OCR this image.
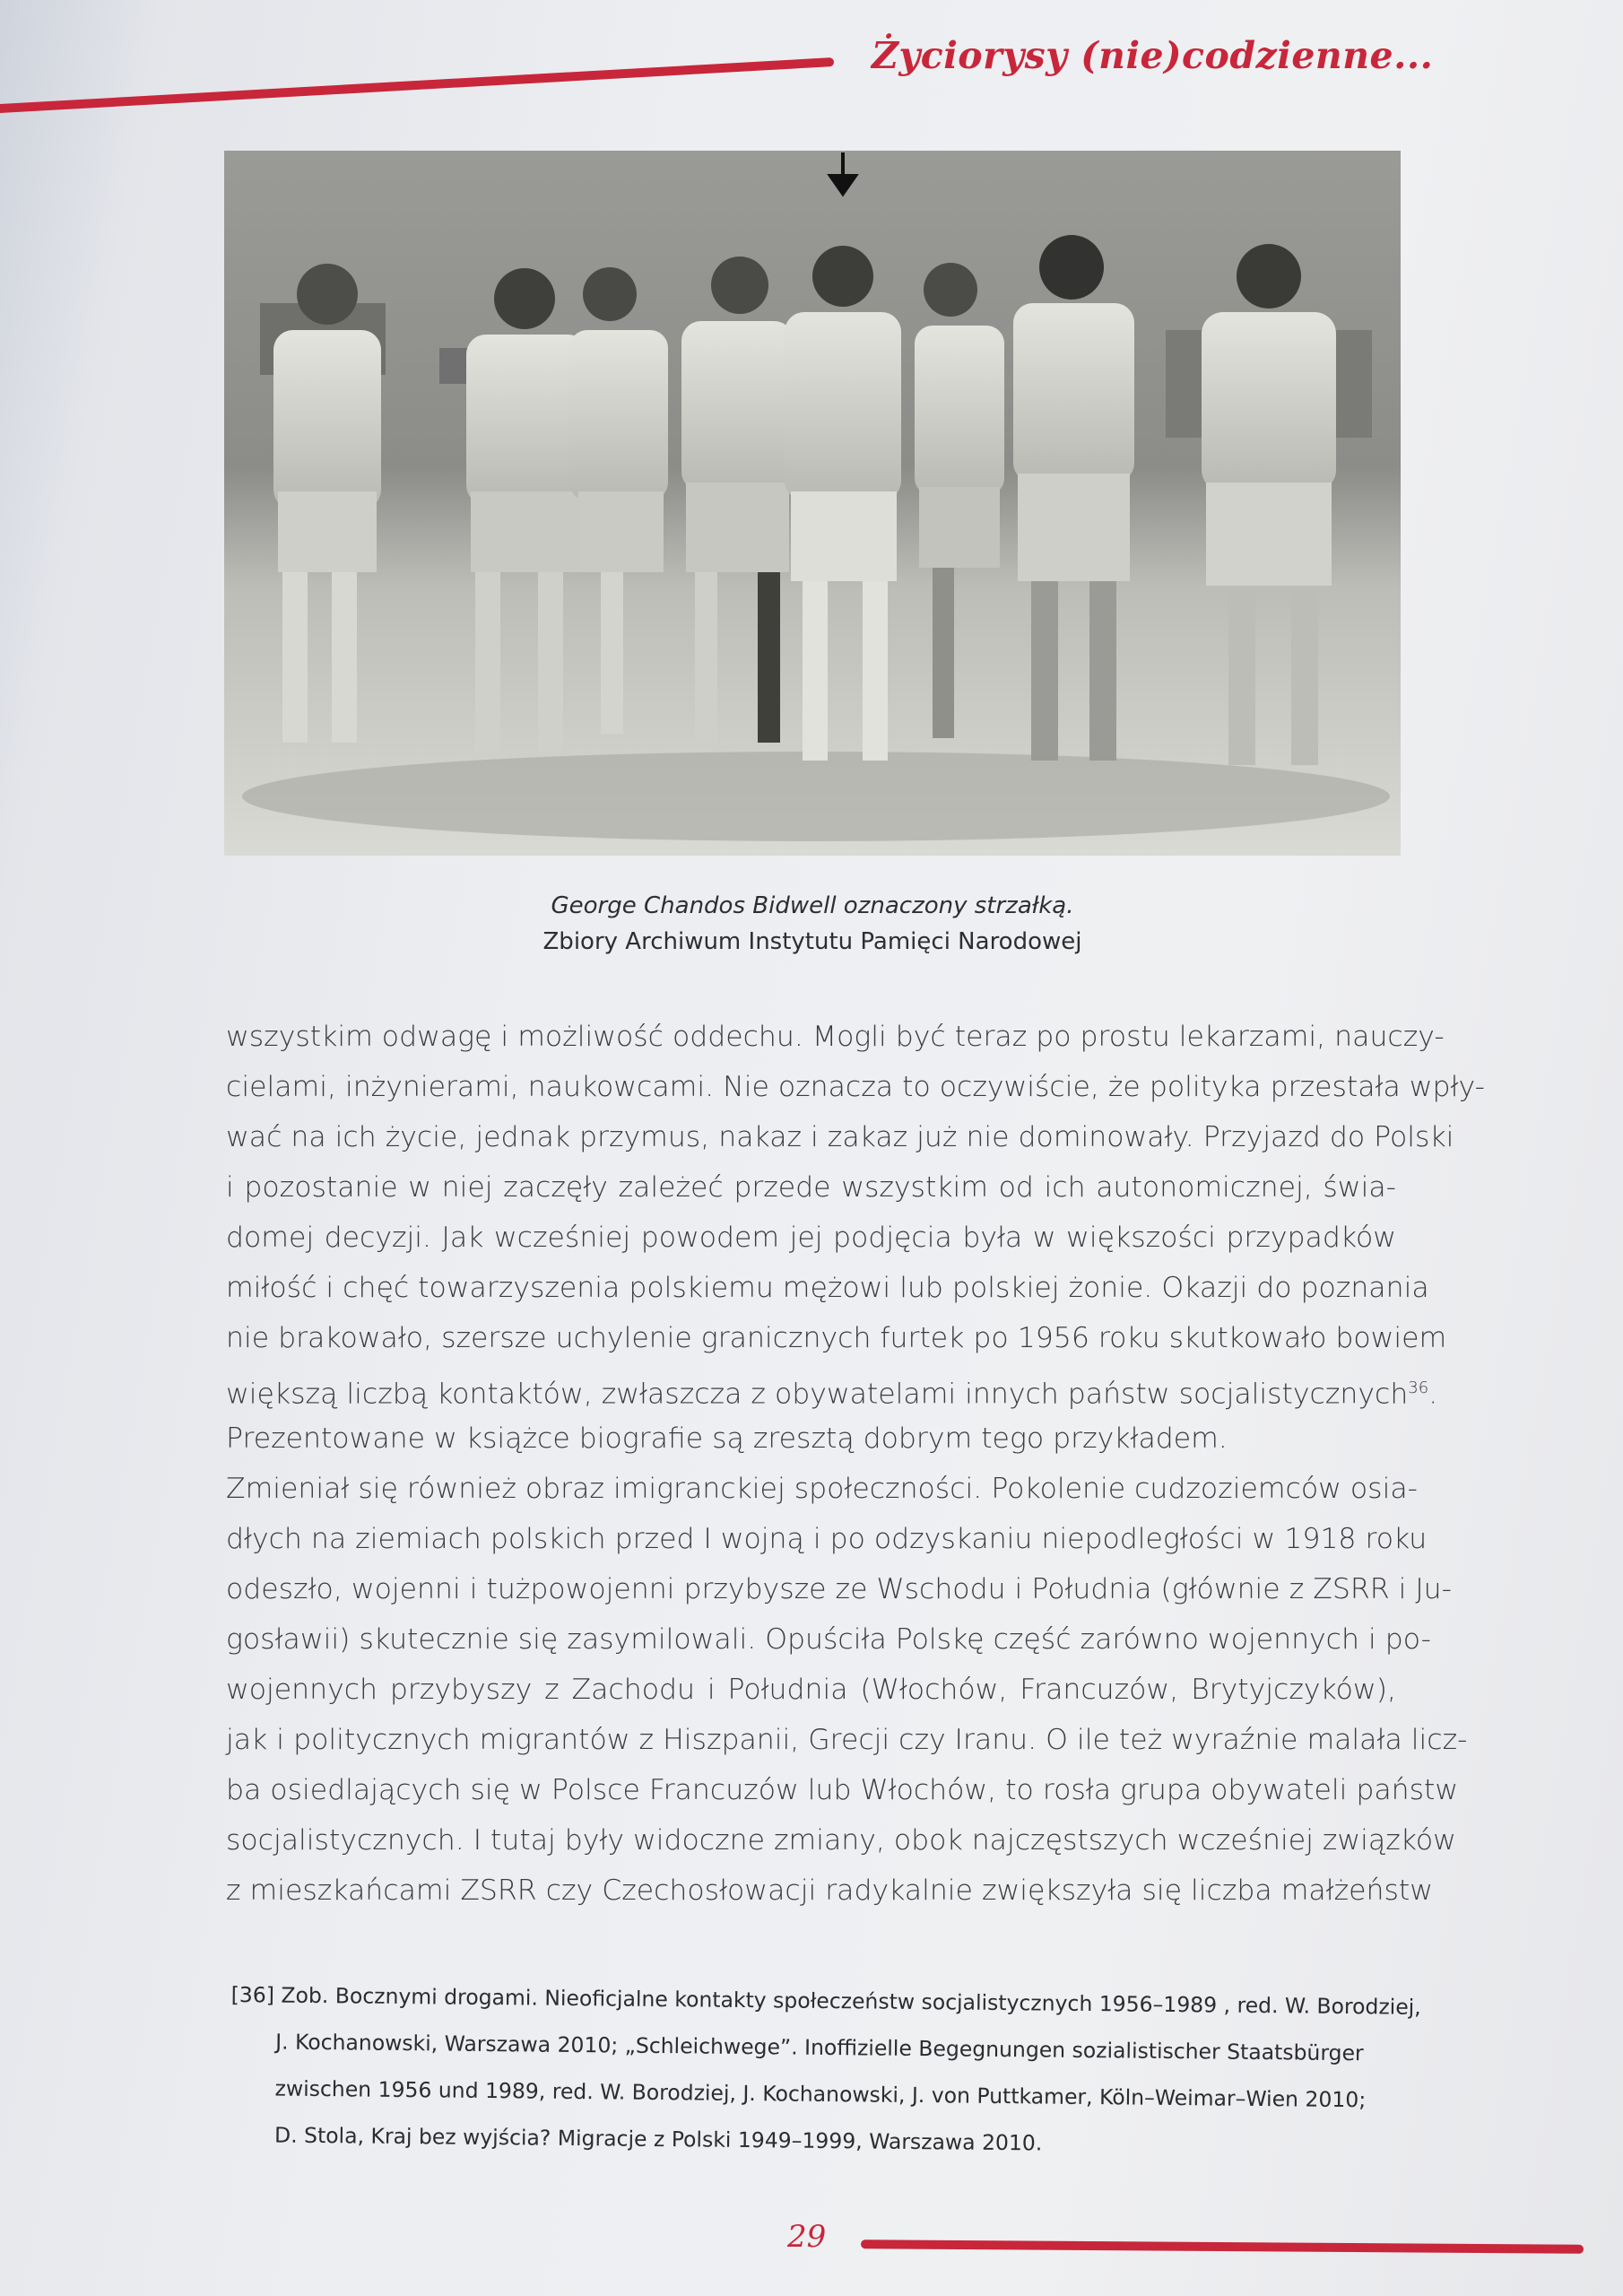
Życiorysy (nie)codzienne...
George Chandos Bidwell oznaczony strzałką.
Zbiory Archiwum Instytutu Pamięci Narodowej
wszystkim odwagę i możliwość oddechu. Mogli być teraz po prostu lekarzami, nauczy-
cielami, inżynierami, naukowcami. Nie oznacza to oczywiście, że polityka przestała wpły-
wać na ich życie, jednak przymus, nakaz i zakaz już nie dominowały. Przyjazd do Polski
i pozostanie w niej zaczęły zależeć przede wszystkim od ich autonomicznej, świa-
domej decyzji. Jak wcześniej powodem jej podjęcia była w większości przypadków
miłość i chęć towarzyszenia polskiemu mężowi lub polskiej żonie. Okazji do poznania
nie brakowało, szersze uchylenie granicznych furtek po 1956 roku skutkowało bowiem
większą liczbą kontaktów, zwłaszcza z obywatelami innych państw socjalistycznych$^{36}$.
Prezentowane w książce biografie są zresztą dobrym tego przykładem.
Zmieniał się również obraz imigranckiej społeczności. Pokolenie cudzoziemców osia-
dłych na ziemiach polskich przed I wojną i po odzyskaniu niepodległości w 1918 roku
odeszło, wojenni i tużpowojenni przybysze ze Wschodu i Południa (głównie z ZSRR i Ju-
gosławii) skutecznie się zasymilowali. Opuściła Polskę część zarówno wojennych i po-
wojennych przybyszy z Zachodu i Południa (Włochów, Francuzów, Brytyjczyków),
jak i politycznych migrantów z Hiszpanii, Grecji czy Iranu. O ile też wyraźnie malała licz-
ba osiedlających się w Polsce Francuzów lub Włochów, to rosła grupa obywateli państw
socjalistycznych. I tutaj były widoczne zmiany, obok najczęstszych wcześniej związków
z mieszkańcami ZSRR czy Czechosłowacji radykalnie zwiększyła się liczba małżeństw
[36] Zob. Bocznymi drogami. Nieoficjalne kontakty społeczeństw socjalistycznych 1956–1989 , red. W. Borodziej,
J. Kochanowski, Warszawa 2010; „Schleichwege”. Inoffizielle Begegnungen sozialistischer Staatsbürger
zwischen 1956 und 1989, red. W. Borodziej, J. Kochanowski, J. von Puttkamer, Köln–Weimar–Wien 2010;
D. Stola, Kraj bez wyjścia? Migracje z Polski 1949–1999, Warszawa 2010.
29
